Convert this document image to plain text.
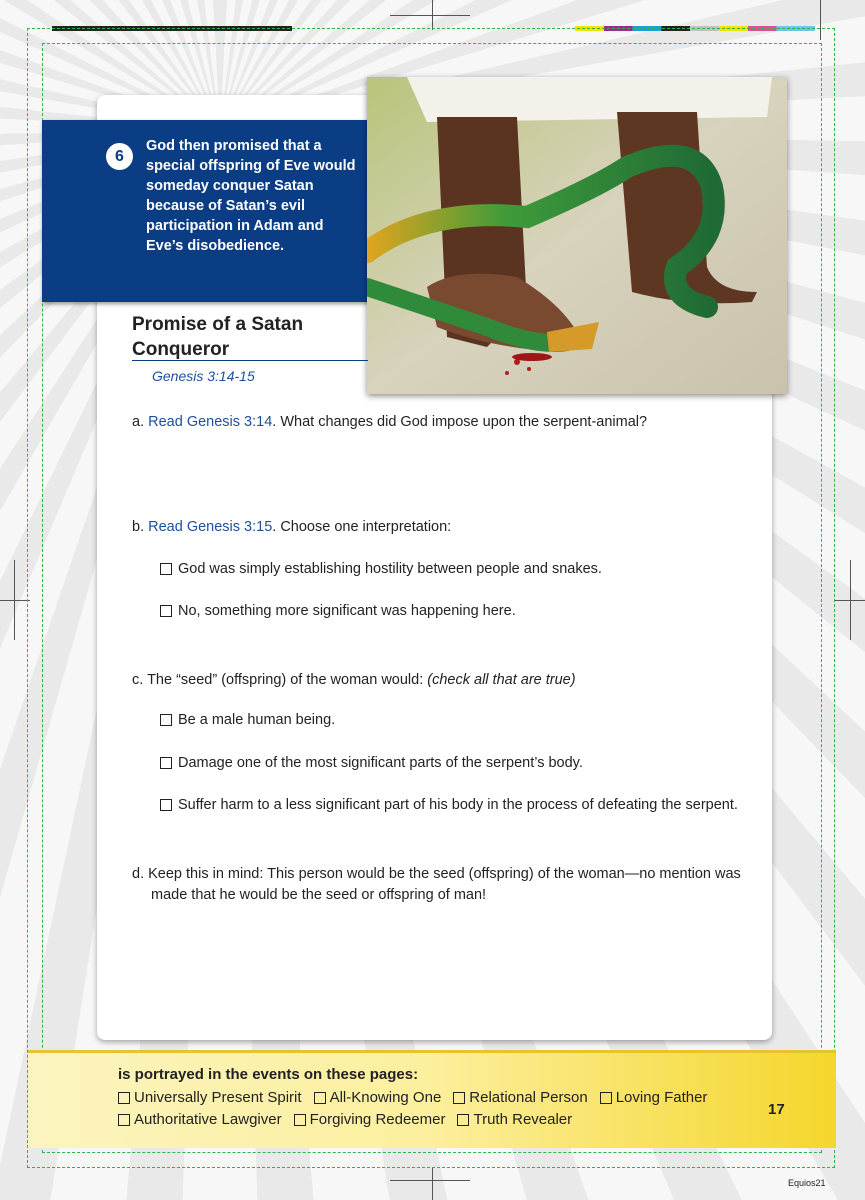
6
God then promised that a special offspring of Eve would someday conquer Satan because of Satan’s evil participation in Adam and Eve’s disobedience.
Promise of a Satan
Conqueror
Genesis 3:14-15
a. Read Genesis 3:14. What changes did God impose upon the serpent-animal?
b. Read Genesis 3:15. Choose one interpretation:
God was simply establishing hostility between people and snakes.
No, something more significant was happening here.
c. The “seed” (offspring) of the woman would: (check all that are true)
Be a male human being.
Damage one of the most significant parts of the serpent’s body.
Suffer harm to a less significant part of his body in the process of defeating the serpent.
d. Keep this in mind: This person would be the seed (offspring) of the woman—no mention was
made that he would be the seed or offspring of man!
is portrayed in the events on these pages:
Universally Present Spirit All-Knowing One Relational Person Loving Father
Authoritative Lawgiver Forgiving Redeemer Truth Revealer
17
Equios21
